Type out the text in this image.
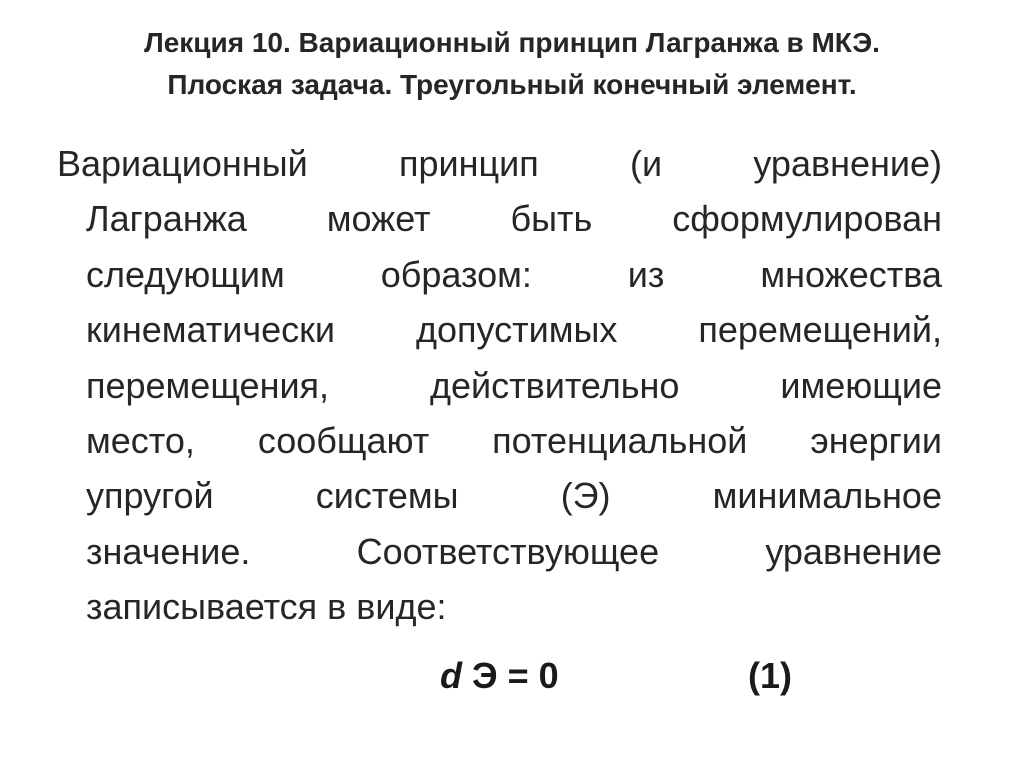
Лекция 10. Вариационный принцип Лагранжа в МКЭ.
Плоская задача. Треугольный конечный элемент.
Вариационный	принцип	(и	уравнение)
Лагранжа может быть сформулирован
следующим	образом:	из	множества
кинематически допустимых перемещений,
перемещения,	действительно	имеющие
место, сообщают потенциальной энергии
упругой	системы	(Э)	минимальное
значение.	Соответствующее	уравнение
записывается в виде:
d Э = 0	(1)
